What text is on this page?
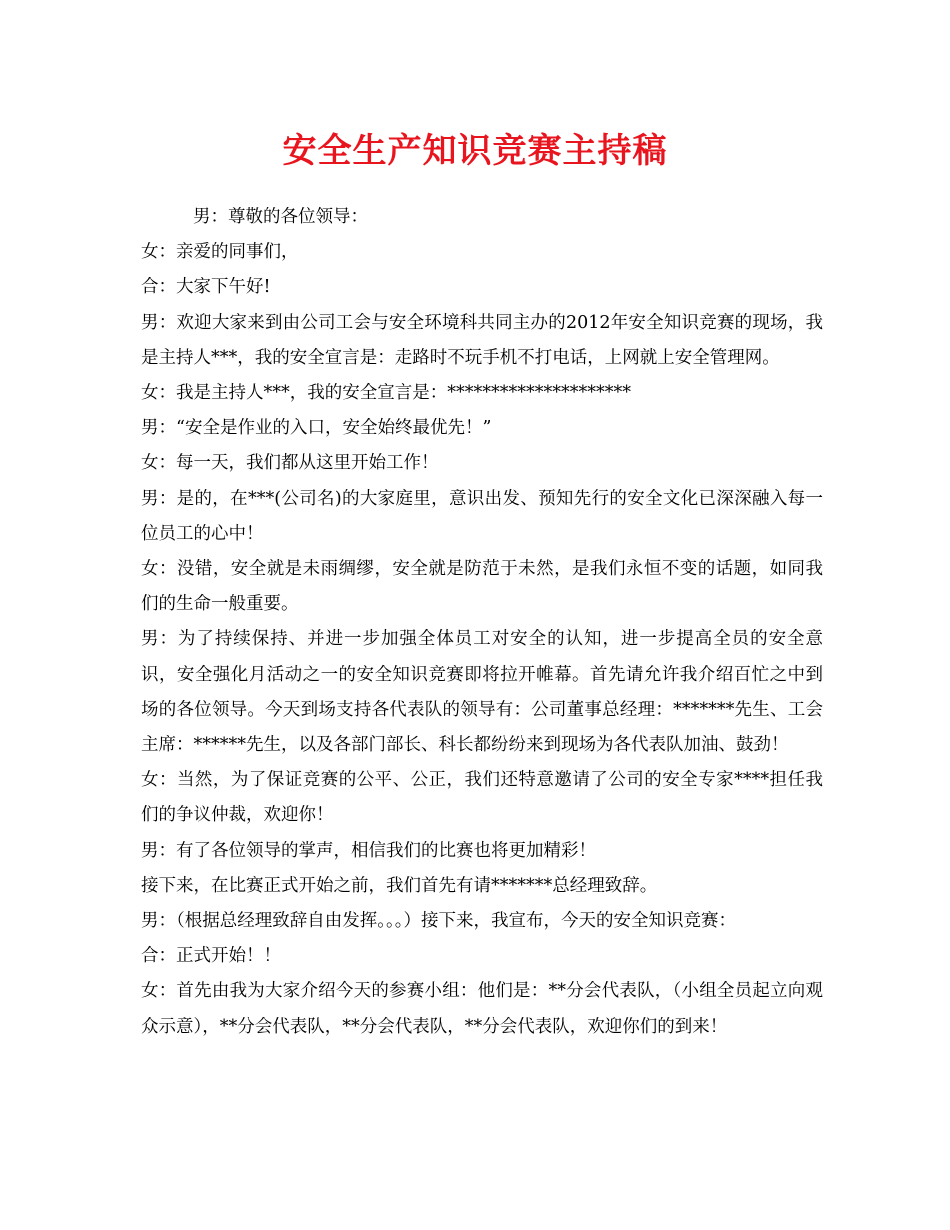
安全生产知识竞赛主持稿

男：尊敬的各位领导：

女：亲爱的同事们，

合：大家下午好!

男：欢迎大家来到由公司工会与安全环境科共同主办的2012年安全知识竞赛的现场，我是主持人***，我的安全宣言是：走路时不玩手机不打电话，上网就上安全管理网。

女：我是主持人***，我的安全宣言是：*********************

男：“安全是作业的入口，安全始终最优先！”

女：每一天，我们都从这里开始工作！

男：是的，在***(公司名)的大家庭里，意识出发、预知先行的安全文化已深深融入每一位员工的心中！

女：没错，安全就是未雨绸缪，安全就是防范于未然，是我们永恒不变的话题，如同我们的生命一般重要。

男：为了持续保持、并进一步加强全体员工对安全的认知，进一步提高全员的安全意识，安全强化月活动之一的安全知识竞赛即将拉开帷幕。首先请允许我介绍百忙之中到场的各位领导。今天到场支持各代表队的领导有：公司董事总经理：*******先生、工会主席：******先生，以及各部门部长、科长都纷纷来到现场为各代表队加油、鼓劲！

女：当然，为了保证竞赛的公平、公正，我们还特意邀请了公司的安全专家****担任我们的争议仲裁，欢迎你！

男：有了各位领导的掌声，相信我们的比赛也将更加精彩！

接下来，在比赛正式开始之前，我们首先有请*******总经理致辞。

男：（根据总经理致辞自由发挥。。。）接下来，我宣布，今天的安全知识竞赛：

合：正式开始！！

女：首先由我为大家介绍今天的参赛小组：他们是：**分会代表队，（小组全员起立向观众示意），**分会代表队，**分会代表队，**分会代表队，欢迎你们的到来！
